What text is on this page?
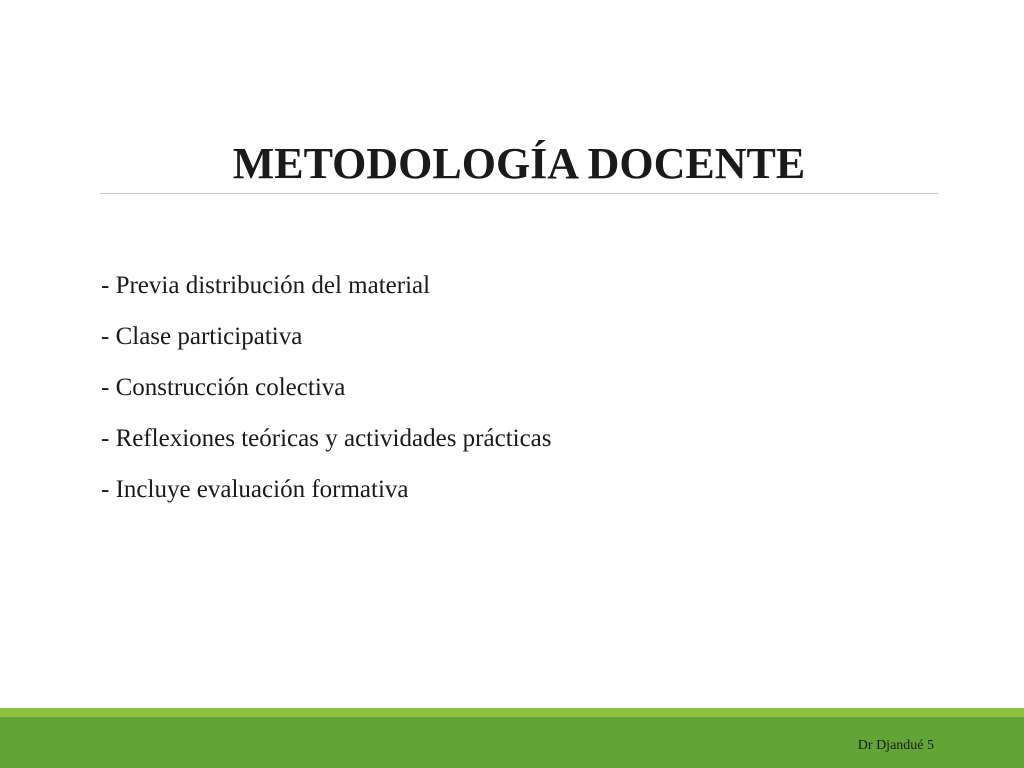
METODOLOGÍA DOCENTE
- Previa distribución del material
- Clase participativa
- Construcción colectiva
- Reflexiones teóricas y actividades prácticas
- Incluye evaluación formativa
Dr Djandué 5
